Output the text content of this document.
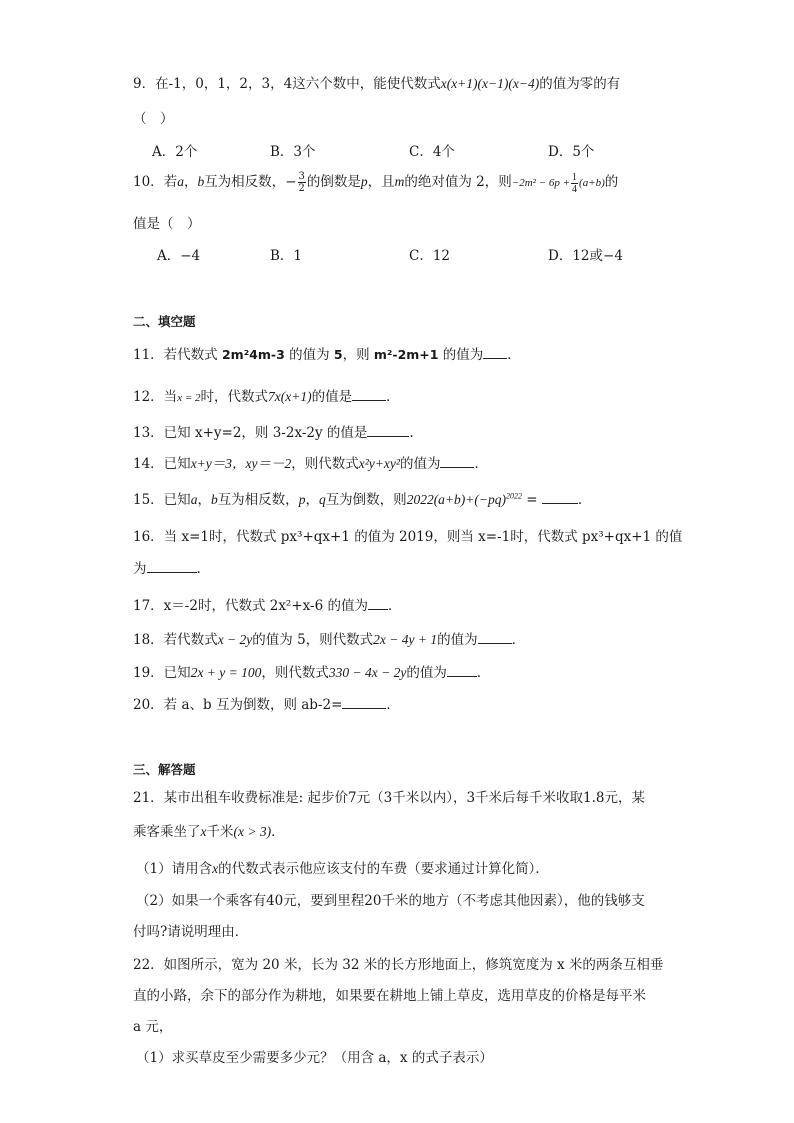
9．在-1，0，1，2，3，4这六个数中，能使代数式x(x+1)(x−1)(x−4)的值为零的有
（　）
A．2个	B．3个	C．4个	D．5个
10．若a，b互为相反数，− $\frac{3}{2}$ 的倒数是p，且m的绝对值为 2，则$-2m^2 - 6p + \frac{1}{4} (a+b)$的
值是（　）
A．−4	B．1	C．12	D．12或−4
二、填空题
11．若代数式 2m²4m-3 的值为 5，则 m²-2m+1 的值为 ．
12．当x = 2时，代数式7x(x+1)的值是	．
13．已知 x+y=2，则 3-2x-2y 的值是	.
14．已知x+y＝3，xy＝－2，则代数式x²y+xy²的值为	．
15．已知a，b互为相反数，p，q互为倒数，则$2022(a+b)+(-pq)^{2022}$ =	．
16．当 x=1时，代数式 px³+qx+1 的值为 2019，则当 x=-1时，代数式 px³+qx+1 的值
为	.
17．x＝-2时，代数式 2x²+x-6 的值为 ．
18．若代数式x − 2y的值为 5，则代数式2x − 4y + 1的值为	．
19．已知2x + y = 100，则代数式330 − 4x − 2y的值为 ．
20．若 a、b 互为倒数，则 ab-2=	．
三、解答题
21．某市出租车收费标准是: 起步价7元（3千米以内），3千米后每千米收取1.8元，某
乘客乘坐了x千米(x > 3)．
（1）请用含x的代数式表示他应该支付的车费（要求通过计算化简）．
（2）如果一个乘客有40元，要到里程20千米的地方（不考虑其他因素），他的钱够支
付吗?请说明理由．
22．如图所示，宽为 20 米，长为 32 米的长方形地面上，修筑宽度为 x 米的两条互相垂
直的小路，余下的部分作为耕地，如果要在耕地上铺上草皮，选用草皮的价格是每平米
a 元，
（1）求买草皮至少需要多少元？（用含 a，x 的式子表示）
